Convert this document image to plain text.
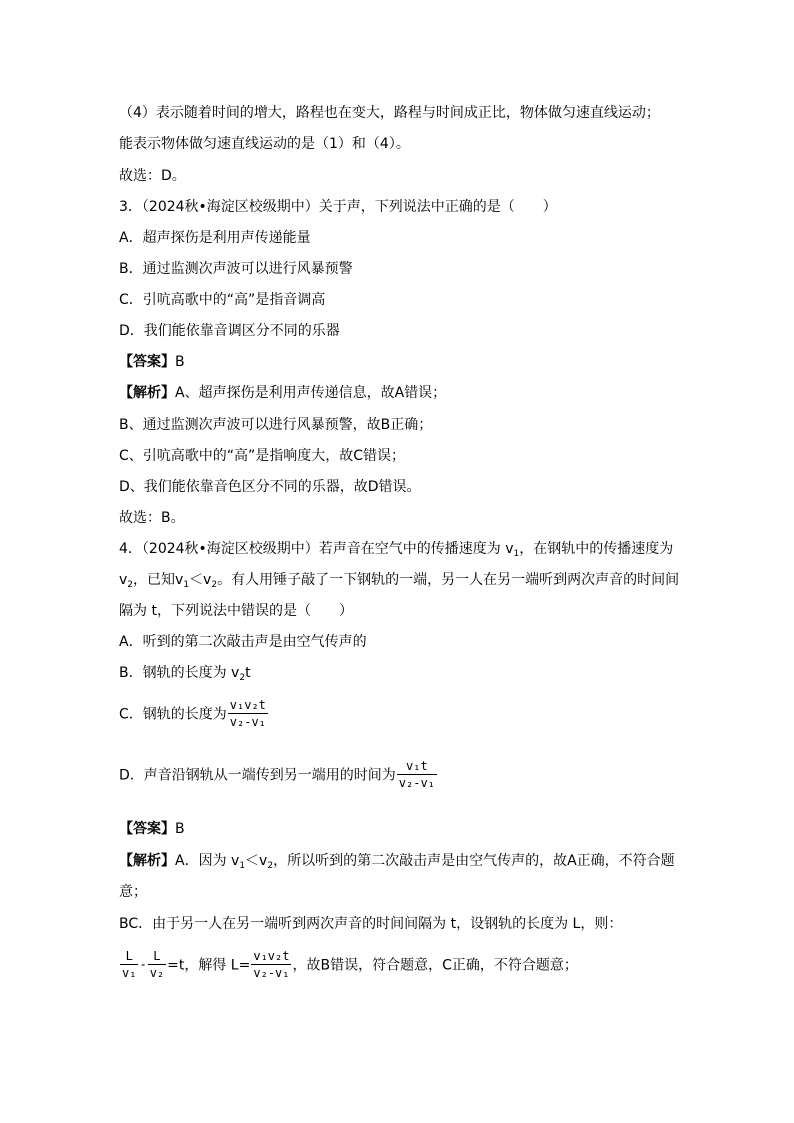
（4）表示随着时间的增大，路程也在变大，路程与时间成正比，物体做匀速直线运动；
能表示物体做匀速直线运动的是（1）和（4）。
故选：D。
3．（2024秋•海淀区校级期中）关于声，下列说法中正确的是（　　）
A．超声探伤是利用声传递能量
B．通过监测次声波可以进行风暴预警
C．引吭高歌中的“高”是指音调高
D．我们能依靠音调区分不同的乐器
【答案】B
【解析】A、超声探伤是利用声传递信息，故A错误；
B、通过监测次声波可以进行风暴预警，故B正确；
C、引吭高歌中的“高”是指响度大，故C错误；
D、我们能依靠音色区分不同的乐器，故D错误。
故选：B。
4．（2024秋•海淀区校级期中）若声音在空气中的传播速度为 $v_1$，在钢轨中的传播速度为
$v_2$，已知$v_1<v_2$。有人用锤子敲了一下钢轨的一端，另一人在另一端听到两次声音的时间间
隔为 t，下列说法中错误的是（　　）
A．听到的第二次敲击声是由空气传声的
B．钢轨的长度为 $v_2t$
C．钢轨的长度为 $\frac{\text{v₁v₂t}}{\text{v₂-v₁}}$
D．声音沿钢轨从一端传到另一端用的时间为 $\frac{\text{v₁t}}{\text{v₂-v₁}}$
【答案】B
【解析】A．因为 $v_1<v_2$，所以听到的第二次敲击声是由空气传声的，故A正确，不符合题
意；
BC．由于另一人在另一端听到两次声音的时间间隔为 t，设钢轨的长度为 L，则：
$\frac{L}{\text{v₁}} - \frac{L}{\text{v₂}} =t$，解得 $L= \frac{\text{v₁v₂t}}{\text{v₂-v₁}}$ ，故B错误，符合题意，C正确，不符合题意；
